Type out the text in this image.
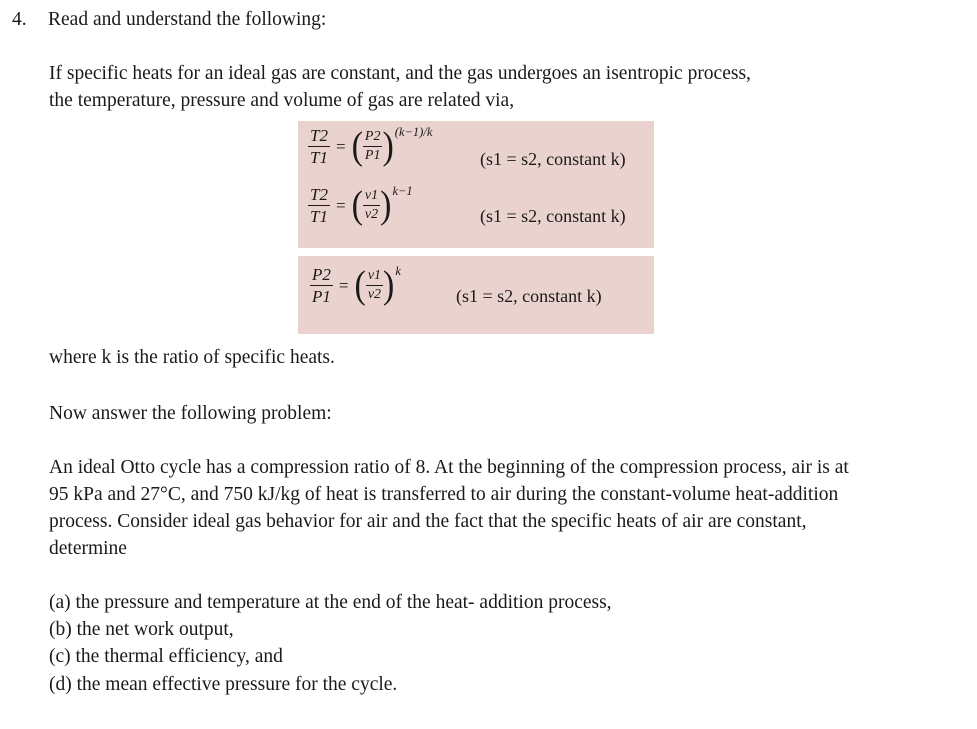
4. Read and understand the following:
If specific heats for an ideal gas are constant, and the gas undergoes an isentropic process,
the temperature, pressure and volume of gas are related via,
$\frac{T2}{T1}$ = ( $\frac{P2}{P1}$ ) (k−1)/k
(s1 = s2, constant k)
$\frac{T2}{T1}$ = ( $\frac{v1}{v2}$ ) k−1
(s1 = s2, constant k)
$\frac{P2}{P1}$ = ( $\frac{v1}{v2}$ ) k
(s1 = s2, constant k)
where k is the ratio of specific heats.
Now answer the following problem:
An ideal Otto cycle has a compression ratio of 8. At the beginning of the compression process, air is at
95 kPa and 27°C, and 750 kJ/kg of heat is transferred to air during the constant-volume heat-addition
process. Consider ideal gas behavior for air and the fact that the specific heats of air are constant,
determine
(a) the pressure and temperature at the end of the heat- addition process,
(b) the net work output,
(c) the thermal efficiency, and
(d) the mean effective pressure for the cycle.
